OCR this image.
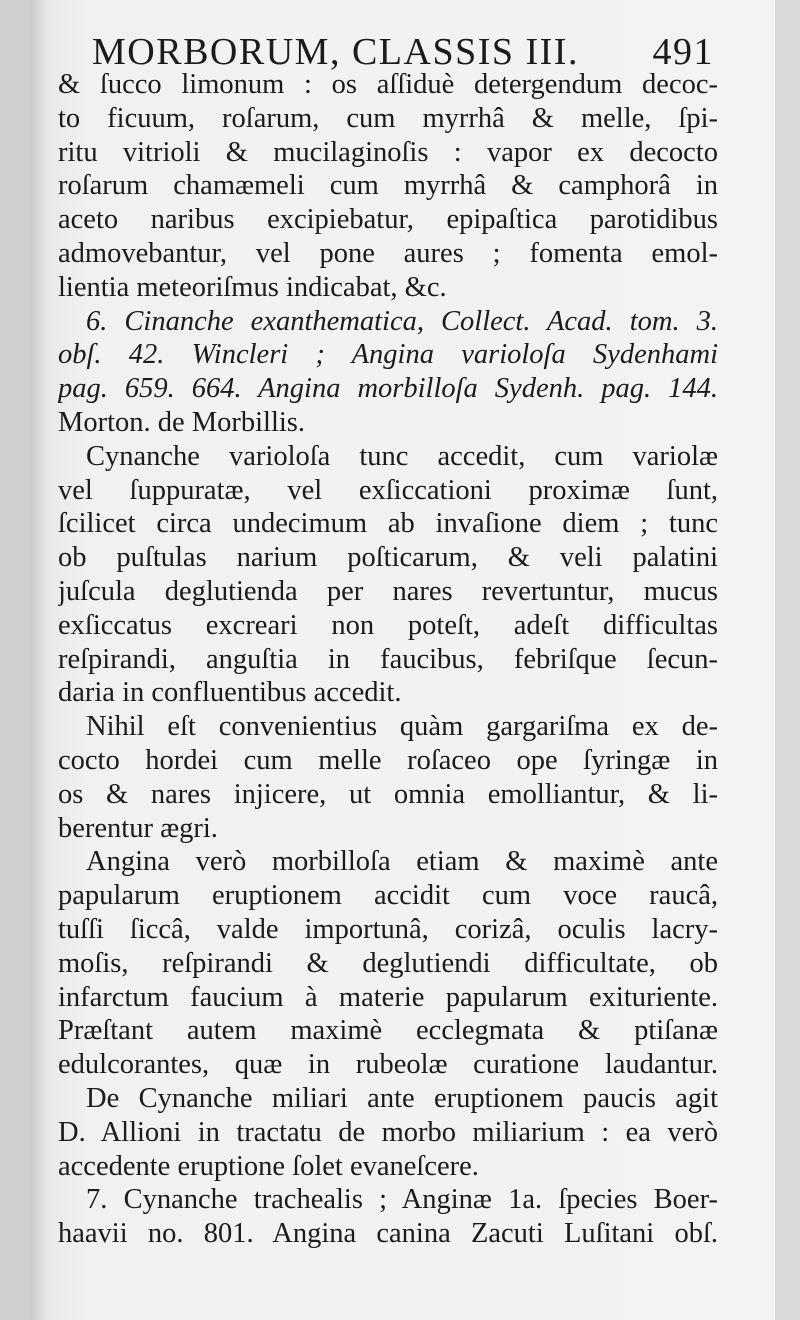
MORBORUM, CLASSIS III. 491
& ſucco limonum : os aſſiduè detergendum decoc-
to ficuum, roſarum, cum myrrhâ & melle, ſpi-
ritu vitrioli & mucilaginoſis : vapor ex decocto
roſarum chamæmeli cum myrrhâ & camphorâ in
aceto naribus excipiebatur, epipaſtica parotidibus
admovebantur, vel pone aures ; fomenta emol-
lientia meteoriſmus indicabat, &c.
6. Cinanche exanthematica, Collect. Acad. tom. 3.
obſ. 42. Wincleri ; Angina varioloſa Sydenhami
pag. 659. 664. Angina morbilloſa Sydenh. pag. 144.
Morton. de Morbillis.
Cynanche varioloſa tunc accedit, cum variolæ
vel ſuppuratæ, vel exſiccationi proximæ ſunt,
ſcilicet circa undecimum ab invaſione diem ; tunc
ob puſtulas narium poſticarum, & veli palatini
juſcula deglutienda per nares revertuntur, mucus
exſiccatus excreari non poteſt, adeſt difficultas
reſpirandi, anguſtia in faucibus, febriſque ſecun-
daria in confluentibus accedit.
Nihil eſt convenientius quàm gargariſma ex de-
cocto hordei cum melle roſaceo ope ſyringæ in
os & nares injicere, ut omnia emolliantur, & li-
berentur ægri.
Angina verò morbilloſa etiam & maximè ante
papularum eruptionem accidit cum voce raucâ,
tuſſi ſiccâ, valde importunâ, corizâ, oculis lacry-
moſis, reſpirandi & deglutiendi difficultate, ob
infarctum faucium à materie papularum exituriente.
Præſtant autem maximè ecclegmata & ptiſanæ
edulcorantes, quæ in rubeolæ curatione laudantur.
De Cynanche miliari ante eruptionem paucis agit
D. Allioni in tractatu de morbo miliarium : ea verò
accedente eruptione ſolet evaneſcere.
7. Cynanche trachealis ; Anginæ 1a. ſpecies Boer-
haavii no. 801. Angina canina Zacuti Luſitani obſ.
